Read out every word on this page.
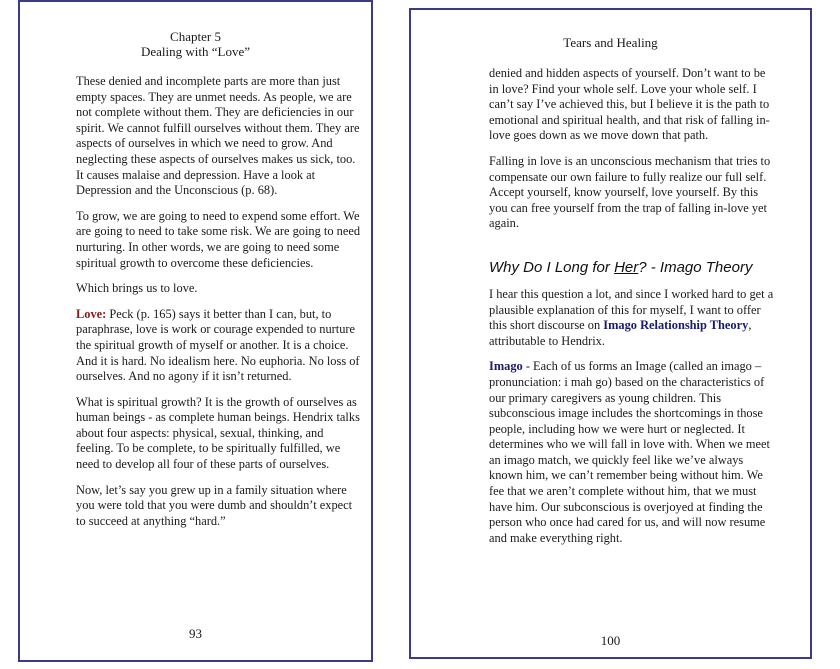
Chapter 5
Dealing with “Love”

These denied and incomplete parts are more than just empty spaces. They are unmet needs. As people, we are not complete without them. They are deficiencies in our spirit. We cannot fulfill ourselves without them. They are aspects of ourselves in which we need to grow. And neglecting these aspects of ourselves makes us sick, too. It causes malaise and depression. Have a look at Depression and the Unconscious (p. 68).

To grow, we are going to need to expend some effort. We are going to need to take some risk. We are going to need nurturing. In other words, we are going to need some spiritual growth to overcome these deficiencies.

Which brings us to love.

Love: Peck (p. 165) says it better than I can, but, to paraphrase, love is work or courage expended to nurture the spiritual growth of myself or another. It is a choice. And it is hard. No idealism here. No euphoria. No loss of ourselves. And no agony if it isn’t returned.

What is spiritual growth? It is the growth of ourselves as human beings - as complete human beings. Hendrix talks about four aspects: physical, sexual, thinking, and feeling. To be complete, to be spiritually fulfilled, we need to develop all four of these parts of ourselves.

Now, let’s say you grew up in a family situation where you were told that you were dumb and shouldn’t expect to succeed at anything “hard.”

93
Tears and Healing

denied and hidden aspects of yourself. Don’t want to be in love? Find your whole self. Love your whole self. I can’t say I’ve achieved this, but I believe it is the path to emotional and spiritual health, and that risk of falling in-love goes down as we move down that path.

Falling in love is an unconscious mechanism that tries to compensate our own failure to fully realize our full self. Accept yourself, know yourself, love yourself. By this you can free yourself from the trap of falling in-love yet again.

Why Do I Long for Her? - Imago Theory

I hear this question a lot, and since I worked hard to get a plausible explanation of this for myself, I want to offer this short discourse on Imago Relationship Theory, attributable to Hendrix.

Imago - Each of us forms an Image (called an imago – pronunciation: i mah go) based on the characteristics of our primary caregivers as young children. This subconscious image includes the shortcomings in those people, including how we were hurt or neglected. It determines who we will fall in love with. When we meet an imago match, we quickly feel like we’ve always known him, we can’t remember being without him. We fee that we aren’t complete without him, that we must have him. Our subconscious is overjoyed at finding the person who once had cared for us, and will now resume and make everything right.

100
